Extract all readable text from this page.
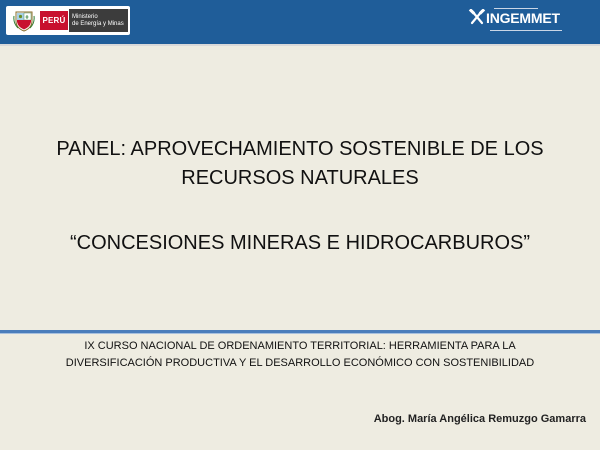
PERÚ Ministerio
de Energía y Minas	INGEMMET
PANEL: APROVECHAMIENTO SOSTENIBLE DE LOS
RECURSOS NATURALES
“CONCESIONES MINERAS E HIDROCARBUROS”
IX CURSO NACIONAL DE ORDENAMIENTO TERRITORIAL: HERRAMIENTA PARA LA
DIVERSIFICACIÓN PRODUCTIVA Y EL DESARROLLO ECONÓMICO CON SOSTENIBILIDAD
Abog. María Angélica Remuzgo Gamarra
